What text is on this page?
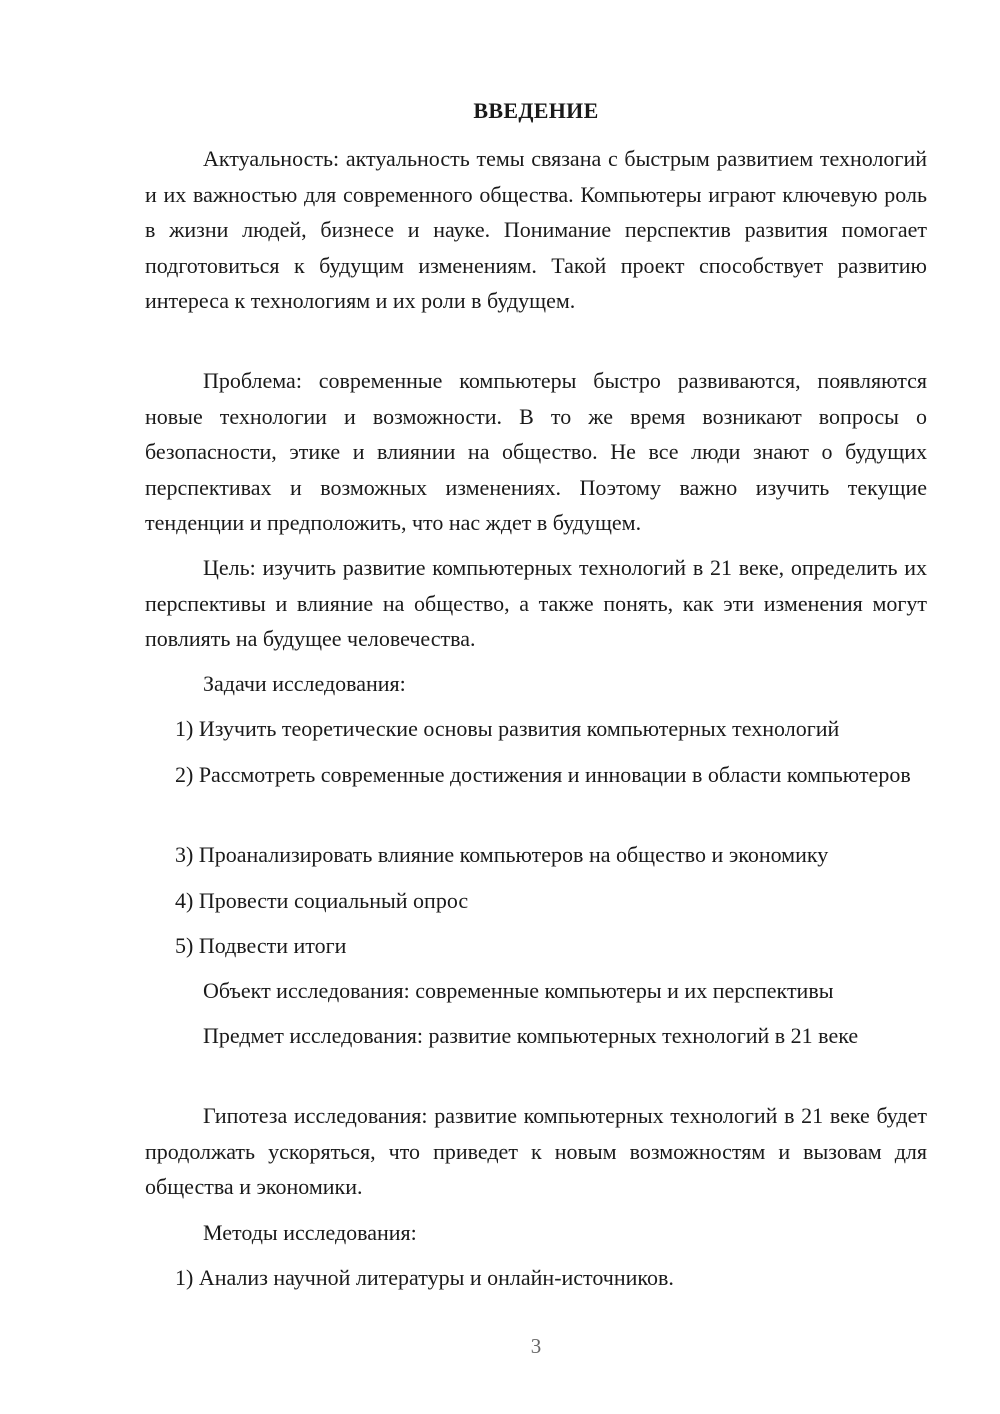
ВВЕДЕНИЕ

Актуальность: актуальность темы связана с быстрым развитием технологий и их важностью для современного общества. Компьютеры играют ключевую роль в жизни людей, бизнесе и науке. Понимание перспектив развития помогает подготовиться к будущим изменениям. Такой проект способствует развитию интереса к технологиям и их роли в будущем.

Проблема: современные компьютеры быстро развиваются, появляются новые технологии и возможности. В то же время возникают вопросы о безопасности, этике и влиянии на общество. Не все люди знают о будущих перспективах и возможных изменениях. Поэтому важно изучить текущие тенденции и предположить, что нас ждет в будущем.

Цель: изучить развитие компьютерных технологий в 21 веке, определить их перспективы и влияние на общество, а также понять, как эти изменения могут повлиять на будущее человечества.

Задачи исследования:

1) Изучить теоретические основы развития компьютерных технологий

2) Рассмотреть современные достижения и инновации в области компьютеров

3) Проанализировать влияние компьютеров на общество и экономику

4) Провести социальный опрос

5) Подвести итоги

Объект исследования: современные компьютеры и их перспективы

Предмет исследования: развитие компьютерных технологий в 21 веке

Гипотеза исследования: развитие компьютерных технологий в 21 веке будет продолжать ускоряться, что приведет к новым возможностям и вызовам для общества и экономики.

Методы исследования:

1) Анализ научной литературы и онлайн-источников.

3
